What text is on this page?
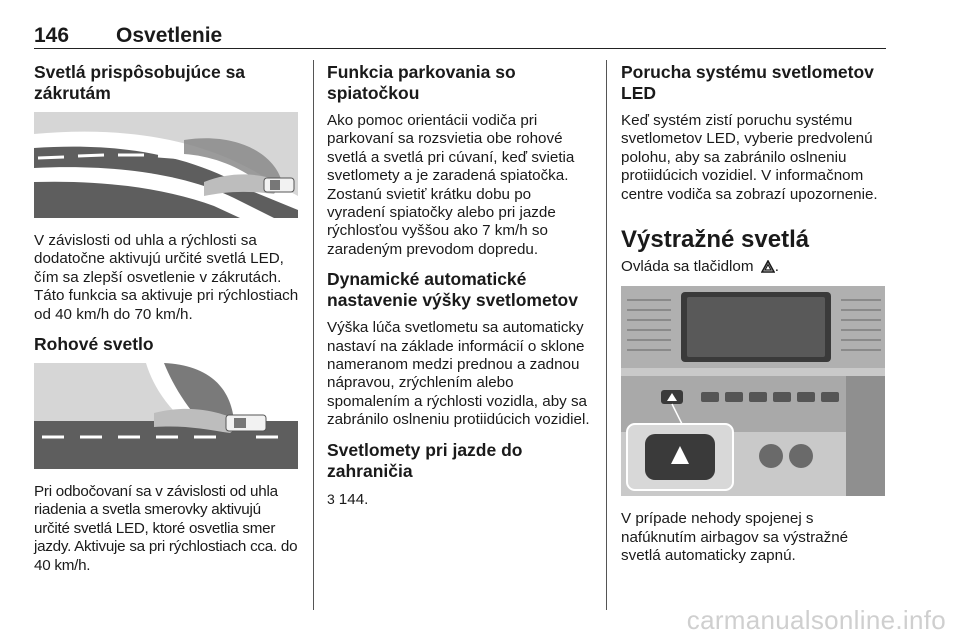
146 Osvetlenie
Svetlá prispôsobujúce sa zákrutám

V závislosti od uhla a rýchlosti sa dodatočne aktivujú určité svetlá LED, čím sa zlepší osvetlenie v zákrutách. Táto funkcia sa aktivuje pri rýchlostiach od 40 km/h do 70 km/h.

Rohové svetlo

Pri odbočovaní sa v závislosti od uhla riadenia a svetla smerovky aktivujú určité svetlá LED, ktoré osvetlia smer jazdy. Aktivuje sa pri rýchlostiach cca. do 40 km/h.

Funkcia parkovania so spiatočkou

Ako pomoc orientácii vodiča pri parkovaní sa rozsvietia obe rohové svetlá a svetlá pri cúvaní, keď svietia svetlomety a je zaradená spiatočka. Zostanú svietiť krátku dobu po vyradení spiatočky alebo pri jazde rýchlosťou vyššou ako 7 km/h so zaradeným prevodom dopredu.

Dynamické automatické nastavenie výšky svetlometov

Výška lúča svetlometu sa automaticky nastaví na základe informácií o sklone nameranom medzi prednou a zadnou nápravou, zrýchlením alebo spomalením a rýchlosti vozidla, aby sa zabránilo oslneniu protiidúcich vozidiel.

Svetlomety pri jazde do zahraničia

3 144.

Porucha systému svetlometov LED

Keď systém zistí poruchu systému svetlometov LED, vyberie predvolenú polohu, aby sa zabránilo oslneniu protiidúcich vozidiel. V informačnom centre vodiča sa zobrazí upozornenie.

Výstražné svetlá

Ovláda sa tlačidlom .

V prípade nehody spojenej s nafúknutím airbagov sa výstražné svetlá automaticky zapnú.

carmanualsonline.info
